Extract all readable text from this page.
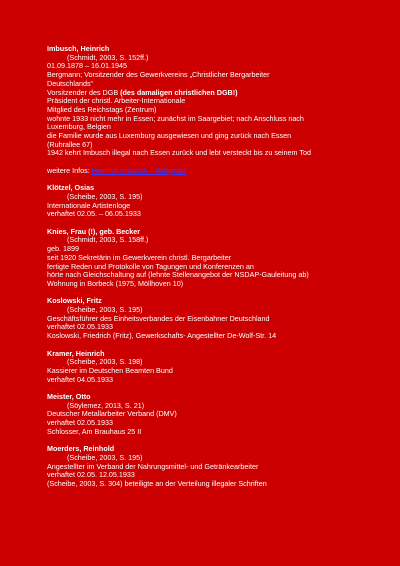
Imbusch, Heinrich
(Schmidt, 2003, S. 152ff.)
01.09.1878 – 16.01.1945
Bergmann; Vorsitzender des Gewerkvereins „Christlicher Bergarbeiter
Deutschlands“
Vorsitzender des DGB (des damaligen christlichen DGB!)
Präsident der christl. Arbeiter-Internationale
Mitglied des Reichstags (Zentrum)
wohnte 1933 nicht mehr in Essen; zunächst im Saargebiet; nach Anschluss nach
Luxemburg, Belgien
die Familie wurde aus Luxemburg ausgewiesen und ging zurück nach Essen
(Ruhrallee 67)
1942 kehrt Imbusch illegal nach Essen zurück und lebt versteckt bis zu seinem Tod
weitere Infos: Heinrich Imbusch – Wikipedia
Klötzel, Osias
(Scheibe, 2003, S. 195)
Internationale Artistenloge
verhaftet 02.05. – 06.05.1933
Knies, Frau (!), geb. Becker
(Schmidt, 2003, S. 158ff.)
geb. 1899
seit 1920 Sekretärin im Gewerkverein christl. Bergarbeiter
fertigte Reden und Protokolle von Tagungen und Konferenzen an
hörte nach Gleichschaltung auf (lehnte Stellenangebot der NSDAP-Gauleitung ab)
Wohnung in Borbeck (1975, Möllhoven 10)
Koslowski, Fritz
(Scheibe, 2003, S. 195)
Geschäftsführer des Einheitsverbandes der Eisenbahner Deutschland
verhaftet 02.05.1933
Koslowski, Friedrich (Fritz), Gewerkschafts- Angestellter De-Wolf-Str. 14
Kramer, Heinrich
(Scheibe, 2003, S. 198)
Kassierer im Deutschen Beamten Bund
verhaftet 04.05.1933
Meister, Otto
(Söylemez, 2013, S. 21)
Deutscher Metallarbeiter Verband (DMV)
verhaftet 02.05.1933
Schlosser, Am Brauhaus 25 II
Moerders, Reinhold
(Scheibe, 2003, S. 195)
Angestellter im Verband der Nahrungsmittel- und Getränkearbeiter
verhaftet 02.05. 12.05.1933
(Scheibe, 2003, S. 304) beteiligte an der Verteilung illegaler Schriften
